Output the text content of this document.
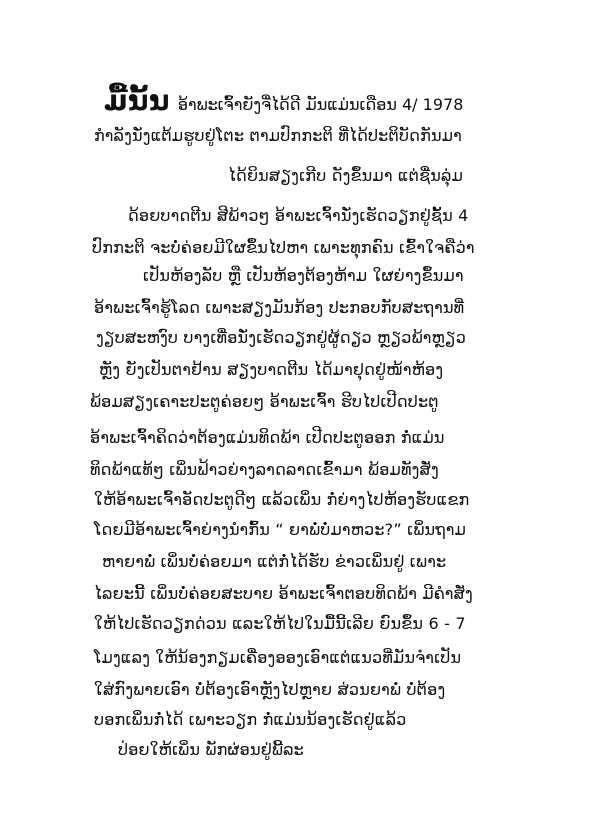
ມື້ນັ້ນ ອ້າພະເຈົ້າຍັງຈື່ໄດ້ດີ ມັນແມ່ນເດືອນ 4/ 1978
ກຳລັງນັ່ງແຕ້ມຮູບຢູ່ໂຕະ ຕາມປົກກະຕິ ທີ່ໄດ້ປະຕິບັດກັນມາ
ໄດ້ຍິນສຽງເກີບ ດັງຂຶ້ນມາ ແຕ່ຊື່ນລຸ່ມ
ດ້ອຍບາດຕີນ ສີພ້າວໆ ອ້າພະເຈົ້ານັ່ງເຮັດວຽກຢູ່ຊັ້ນ 4
ປົກກະຕິ ຈະບໍ່ຄ່ອຍມີໃຜຂຶ້ນໄປຫາ ເພາະທຸກຄົນ ເຂົ້າໃຈຄືວ່າ
ເປັນຫ້ອງລັບ ຫຼື ເປັນຫ້ອງຕ້ອງຫ້າມ ໃຜຍ່າງຂຶ້ນມາ
ອ້າພະເຈົ້າຮູ້ໂລດ ເພາະສຽງມັນກ້ອງ ປະກອບກັບສະຖານທີ່
ງຽບສະຫງົບ ບາງເທື່ອນັ່ງເຮັດວຽກຢູ່ຜູ້ດຽວ ຫຼຽວພ້າຫຼຽວ
ຫຼັງ ຍັງເປັນຕາຢ້ານ ສຽງບາດຕີນ ໄດ້ມາຢຸດຢູ່ໜ້າຫ້ອງ
ພ້ອມສຽງເຄາະປະຕູຄ່ອຍໆ ອ້າພະເຈົ້າ ຮີບໄປເປີດປະຕູ
ອ້າພະເຈົ້າຄິດວ່າຕ້ອງແມ່ນທິດພ້າ ເປີດປະຕູອອກ ກໍ່ແມ່ນ
ທິດພ້າແທ້ໆ ເພິ່ນຟ້າວຍ່າງລາດລາດເຂົ້າມາ ພ້ອມທັງສັ່ງ
ໃຫ້ອ້າພະເຈົ້າອັດປະຕູດີໆ ແລ້ວເພິ່ນ ກໍ່ຍ່າງໄປຫ້ອງຮັບແຂກ
ໂດຍມີອ້າພະເຈົ້າຍ່າງນຳກົ້ນ “ ຍາພໍ່ບໍ່ມາຫວະ?” ເພິ່ນຖາມ
ຫາຍາພໍ່ ເພິ່ນບໍ່ຄ່ອຍມາ ແຕ່ກໍ່ໄດ້ຮັບ ຂ່າວເພິ່ນຢູ່ ເພາະ
ໄລຍະນີ້ ເພິ່ນບໍ່ຄ່ອຍສະບາຍ ອ້າພະເຈົ້າຕອບທິດພ້າ ມີຄຳສັ່ງ
ໃຫ້ໄປເຮັດວຽກດ່ວນ ແລະໃຫ້ໄປໃນມື້ນີ້ເລີຍ ຍົນຂຶ້ນ 6 - 7
ໂມງແລງ ໃຫ້ນ້ອງກຽມເຄື່ອງອອງເອົາແຕ່ແນວທີ່ມັນຈຳເປັນ
ໃສ່ກົງພາຍເອົາ ບໍ່ຕ້ອງເອົາຫຼັງໄປຫຼາຍ ສ່ວນຍາພໍ່ ບໍ່ຕ້ອງ
ບອກເພິ່ນກໍ່ໄດ້ ເພາະວຽກ ກໍ່ແມ່ນນ້ອງເຮັດຢູ່ແລ້ວ
ປ່ອຍໃຫ້ເພິ່ນ ພັກຜ່ອນຢູ່ພີ້ລະ
